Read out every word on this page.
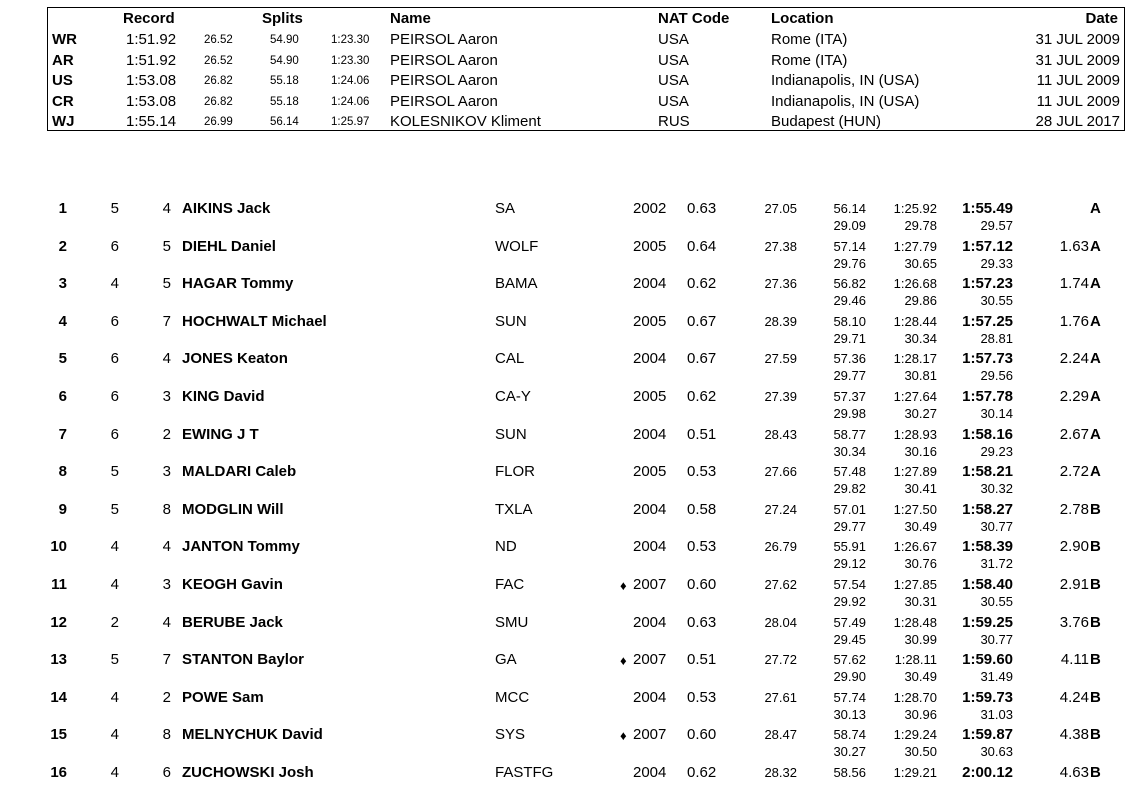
Record	Splits	Name	NAT Code	Location	Date
WR	1:51.92 26.52	54.90	1:23.30 PEIRSOL Aaron	USA	Rome (ITA)	31 JUL 2009
AR	1:51.92 26.52	54.90	1:23.30 PEIRSOL Aaron	USA	Rome (ITA)	31 JUL 2009
US	1:53.08 26.82	55.18	1:24.06 PEIRSOL Aaron	USA	Indianapolis, IN (USA)	11 JUL 2009
CR	1:53.08 26.82	55.18	1:24.06 PEIRSOL Aaron	USA	Indianapolis, IN (USA)	11 JUL 2009
WJ	1:55.14 26.99	56.14	1:25.97 KOLESNIKOV Kliment	RUS	Budapest (HUN)	28 JUL 2017
1	5	4 AIKINS Jack	SA	2002 0.63	27.05	56.14 1:25.92 1:55.49	A
29.09	29.78	29.57
2	6	5 DIEHL Daniel	WOLF	2005 0.64	27.38	57.14 1:27.79 1:57.12	1.63 A
29.76	30.65	29.33
3	4	5 HAGAR Tommy	BAMA	2004 0.62	27.36	56.82 1:26.68 1:57.23	1.74 A
29.46	29.86	30.55
4	6	7 HOCHWALT Michael	SUN	2005 0.67	28.39	58.10 1:28.44 1:57.25	1.76 A
29.71	30.34	28.81
5	6	4 JONES Keaton	CAL	2004 0.67	27.59	57.36 1:28.17 1:57.73	2.24 A
29.77	30.81	29.56
6	6	3 KING David	CA-Y	2005 0.62	27.39	57.37 1:27.64 1:57.78	2.29 A
29.98	30.27	30.14
7	6	2 EWING J T	SUN	2004 0.51	28.43	58.77 1:28.93 1:58.16	2.67 A
30.34	30.16	29.23
8	5	3 MALDARI Caleb	FLOR	2005 0.53	27.66	57.48 1:27.89 1:58.21	2.72 A
29.82	30.41	30.32
9	5	8 MODGLIN Will	TXLA	2004 0.58	27.24	57.01 1:27.50 1:58.27	2.78 B
29.77	30.49	30.77
10	4	4 JANTON Tommy	ND	2004 0.53	26.79	55.91 1:26.67 1:58.39	2.90 B
29.12	30.76	31.72
11	4	3 KEOGH Gavin	FAC	♦ 2007 0.60	27.62	57.54 1:27.85 1:58.40	2.91 B
29.92	30.31	30.55
12	2	4 BERUBE Jack	SMU	2004 0.63	28.04	57.49 1:28.48 1:59.25	3.76 B
29.45	30.99	30.77
13	5	7 STANTON Baylor	GA	♦ 2007 0.51	27.72	57.62 1:28.11 1:59.60	4.11 B
29.90	30.49	31.49
14	4	2 POWE Sam	MCC	2004 0.53	27.61	57.74 1:28.70 1:59.73	4.24 B
30.13	30.96	31.03
15	4	8 MELNYCHUK David	SYS	♦ 2007 0.60	28.47	58.74 1:29.24 1:59.87	4.38 B
30.27	30.50	30.63
16	4	6 ZUCHOWSKI Josh	FASTFG	2004 0.62	28.32	58.56 1:29.21 2:00.12	4.63 B
